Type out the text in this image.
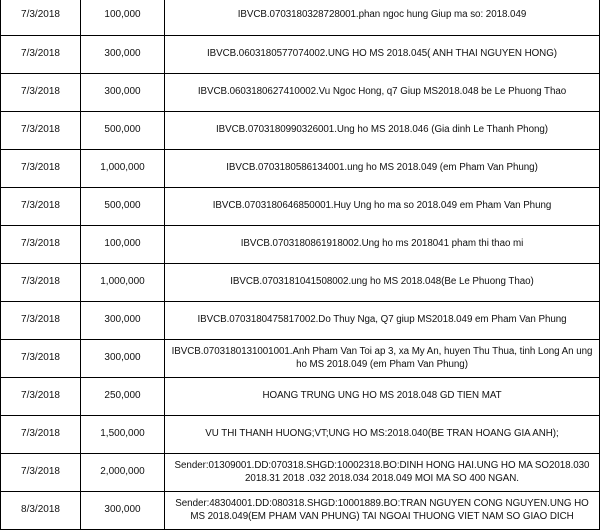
7/3/2018	100,000	IBVCB.0703180328728001.phan ngoc hung Giup ma so: 2018.049
7/3/2018	300,000	IBVCB.0603180577074002.UNG HO MS 2018.045( ANH THAI NGUYEN HONG)
7/3/2018	300,000	IBVCB.0603180627410002.Vu Ngoc Hong, q7 Giup MS2018.048 be Le Phuong Thao
7/3/2018	500,000	IBVCB.0703180990326001.Ung ho MS 2018.046 (Gia dinh Le Thanh Phong)
7/3/2018	1,000,000	IBVCB.0703180586134001.ung ho MS 2018.049 (em Pham Van Phung)
7/3/2018	500,000	IBVCB.0703180646850001.Huy Ung ho ma so 2018.049 em Pham Van Phung
7/3/2018	100,000	IBVCB.0703180861918002.Ung ho ms 2018041 pham thi thao mi
7/3/2018	1,000,000	IBVCB.0703181041508002.ung ho MS 2018.048(Be Le Phuong Thao)
7/3/2018	300,000	IBVCB.0703180475817002.Do Thuy Nga, Q7 giup MS2018.049 em Pham Van Phung
7/3/2018	300,000	IBVCB.0703180131001001.Anh Pham Van Toi ap 3, xa My An, huyen Thu Thua, tinh Long An ung ho MS 2018.049 (em Pham Van Phung)
7/3/2018	250,000	HOANG TRUNG UNG HO MS 2018.048 GD TIEN MAT
7/3/2018	1,500,000	VU THI THANH HUONG;VT;UNG HO MS:2018.040(BE TRAN HOANG GIA ANH);
7/3/2018	2,000,000	Sender:01309001.DD:070318.SHGD:10002318.BO:DINH HONG HAI.UNG HO MA SO2018.030 2018.31 2018 .032 2018.034 2018.049 MOI MA SO 400 NGAN.
8/3/2018	300,000	Sender:48304001.DD:080318.SHGD:10001889.BO:TRAN NGUYEN CONG NGUYEN.UNG HO MS 2018.049(EM PHAM VAN PHUNG) TAI NGOAI THUONG VIET NAM SO GIAO DICH
